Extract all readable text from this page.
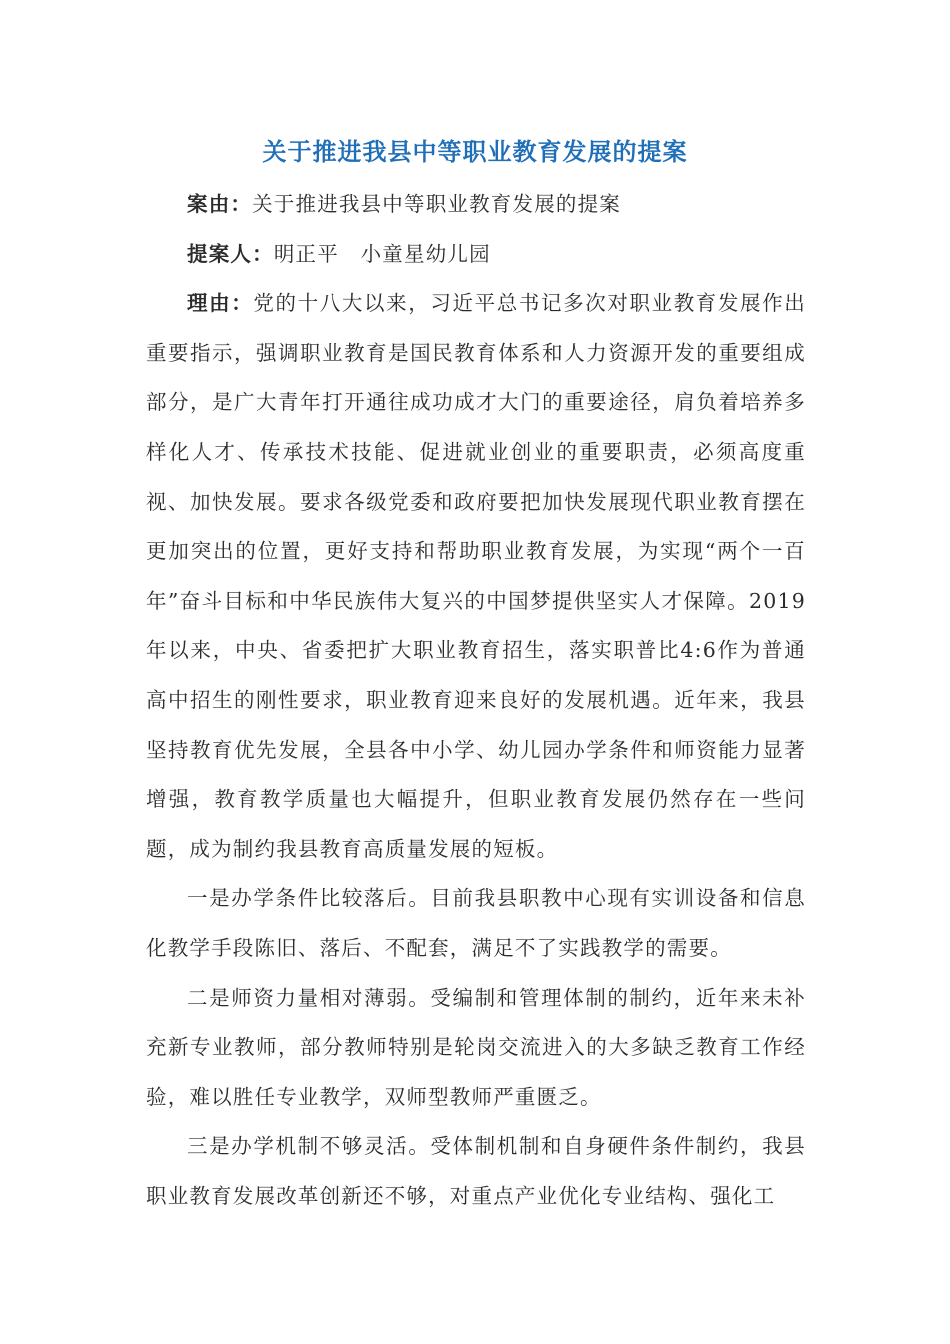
关于推进我县中等职业教育发展的提案

案由：关于推进我县中等职业教育发展的提案

提案人：明正平　小童星幼儿园

理由：党的十八大以来，习近平总书记多次对职业教育发展作出重要指示，强调职业教育是国民教育体系和人力资源开发的重要组成部分，是广大青年打开通往成功成才大门的重要途径，肩负着培养多样化人才、传承技术技能、促进就业创业的重要职责，必须高度重视、加快发展。要求各级党委和政府要把加快发展现代职业教育摆在更加突出的位置，更好支持和帮助职业教育发展，为实现“两个一百年”奋斗目标和中华民族伟大复兴的中国梦提供坚实人才保障。2019年以来，中央、省委把扩大职业教育招生，落实职普比4:6作为普通高中招生的刚性要求，职业教育迎来良好的发展机遇。近年来，我县坚持教育优先发展，全县各中小学、幼儿园办学条件和师资能力显著增强，教育教学质量也大幅提升，但职业教育发展仍然存在一些问题，成为制约我县教育高质量发展的短板。

一是办学条件比较落后。目前我县职教中心现有实训设备和信息化教学手段陈旧、落后、不配套，满足不了实践教学的需要。

二是师资力量相对薄弱。受编制和管理体制的制约，近年来未补充新专业教师，部分教师特别是轮岗交流进入的大多缺乏教育工作经验，难以胜任专业教学，双师型教师严重匮乏。

三是办学机制不够灵活。受体制机制和自身硬件条件制约，我县职业教育发展改革创新还不够，对重点产业优化专业结构、强化工
